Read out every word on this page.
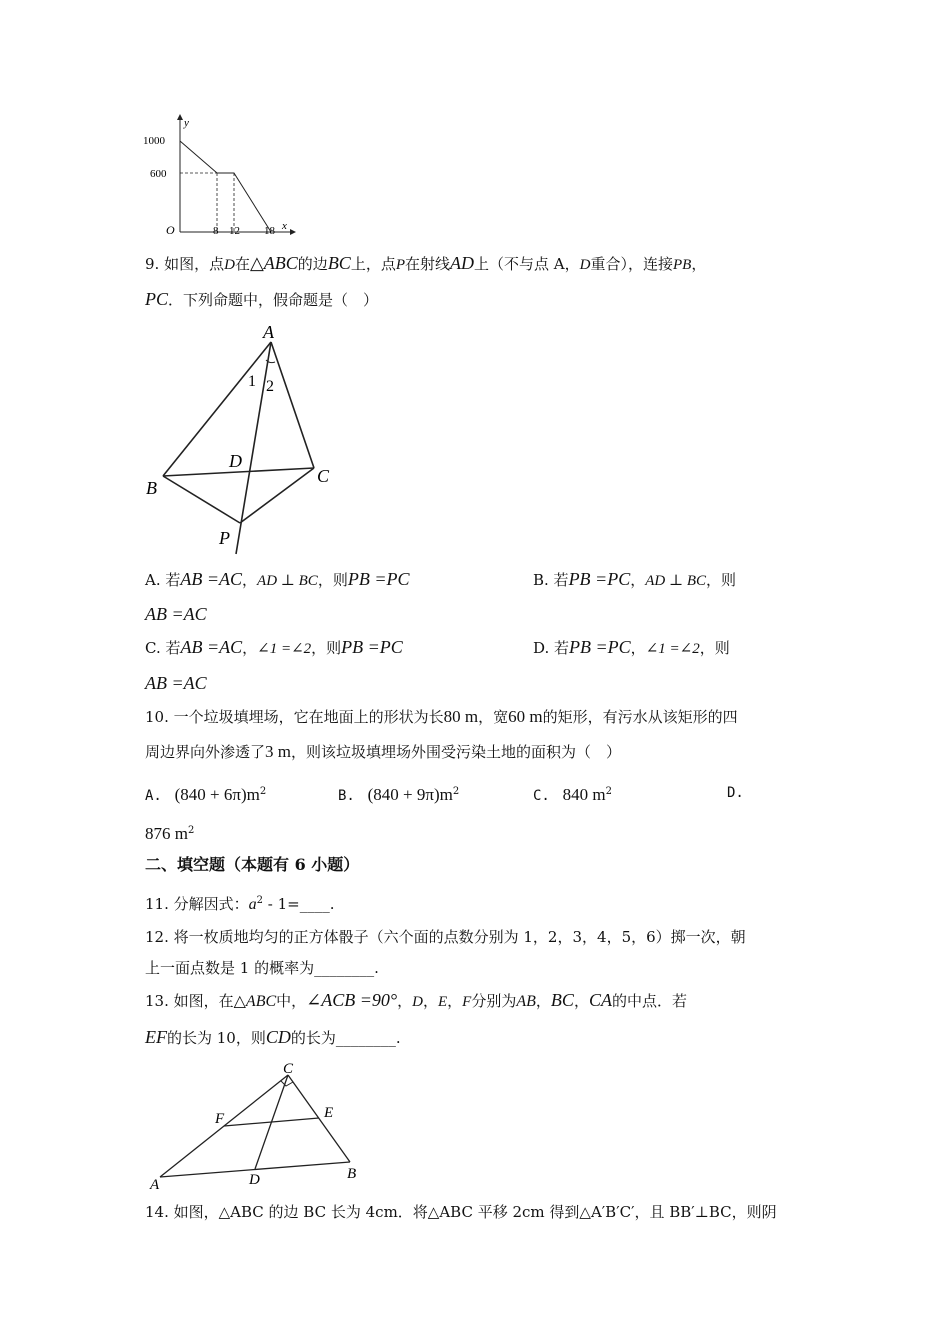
y
x
O
1000
600
8 12 18
9. 如图，点D在△ABC的边BC上，点P在射线AD上（不与点 A，D重合），连接PB，
PC．下列命题中，假命题是（　）
A
B
C
D
P
1 2
A. 若AB =AC，AD ⊥ BC，则PB =PC	B. 若PB =PC，AD ⊥ BC，则
AB =AC
C. 若AB =AC，∠1 =∠2，则PB =PC	D. 若PB =PC，∠1 =∠2，则
AB =AC
10. 一个垃圾填埋场，它在地面上的形状为长80 m，宽60 m的矩形，有污水从该矩形的四
周边界向外渗透了3 m，则该垃圾填埋场外围受污染土地的面积为（　）
A. $(840 + 6\pi)m^2$	B. $(840 + 9\pi)m^2$	C. 840 $m^2$	D.
876 $m^2$
二、填空题（本题有 6 小题）
11. 分解因式：$a^2$ - 1=____.
12. 将一枚质地均匀的正方体骰子（六个面的点数分别为 1，2，3，4，5，6）掷一次，朝
上一面点数是 1 的概率为________.
13. 如图，在△ABC中，∠ACB =90°，D，E，F分别为AB，BC，CA的中点．若
EF的长为 10，则CD的长为________.
C
F	E
A	D	B
14. 如图，△ABC 的边 BC 长为 4cm．将△ABC 平移 2cm 得到△A′B′C′，且 BB′⊥BC，则阴
